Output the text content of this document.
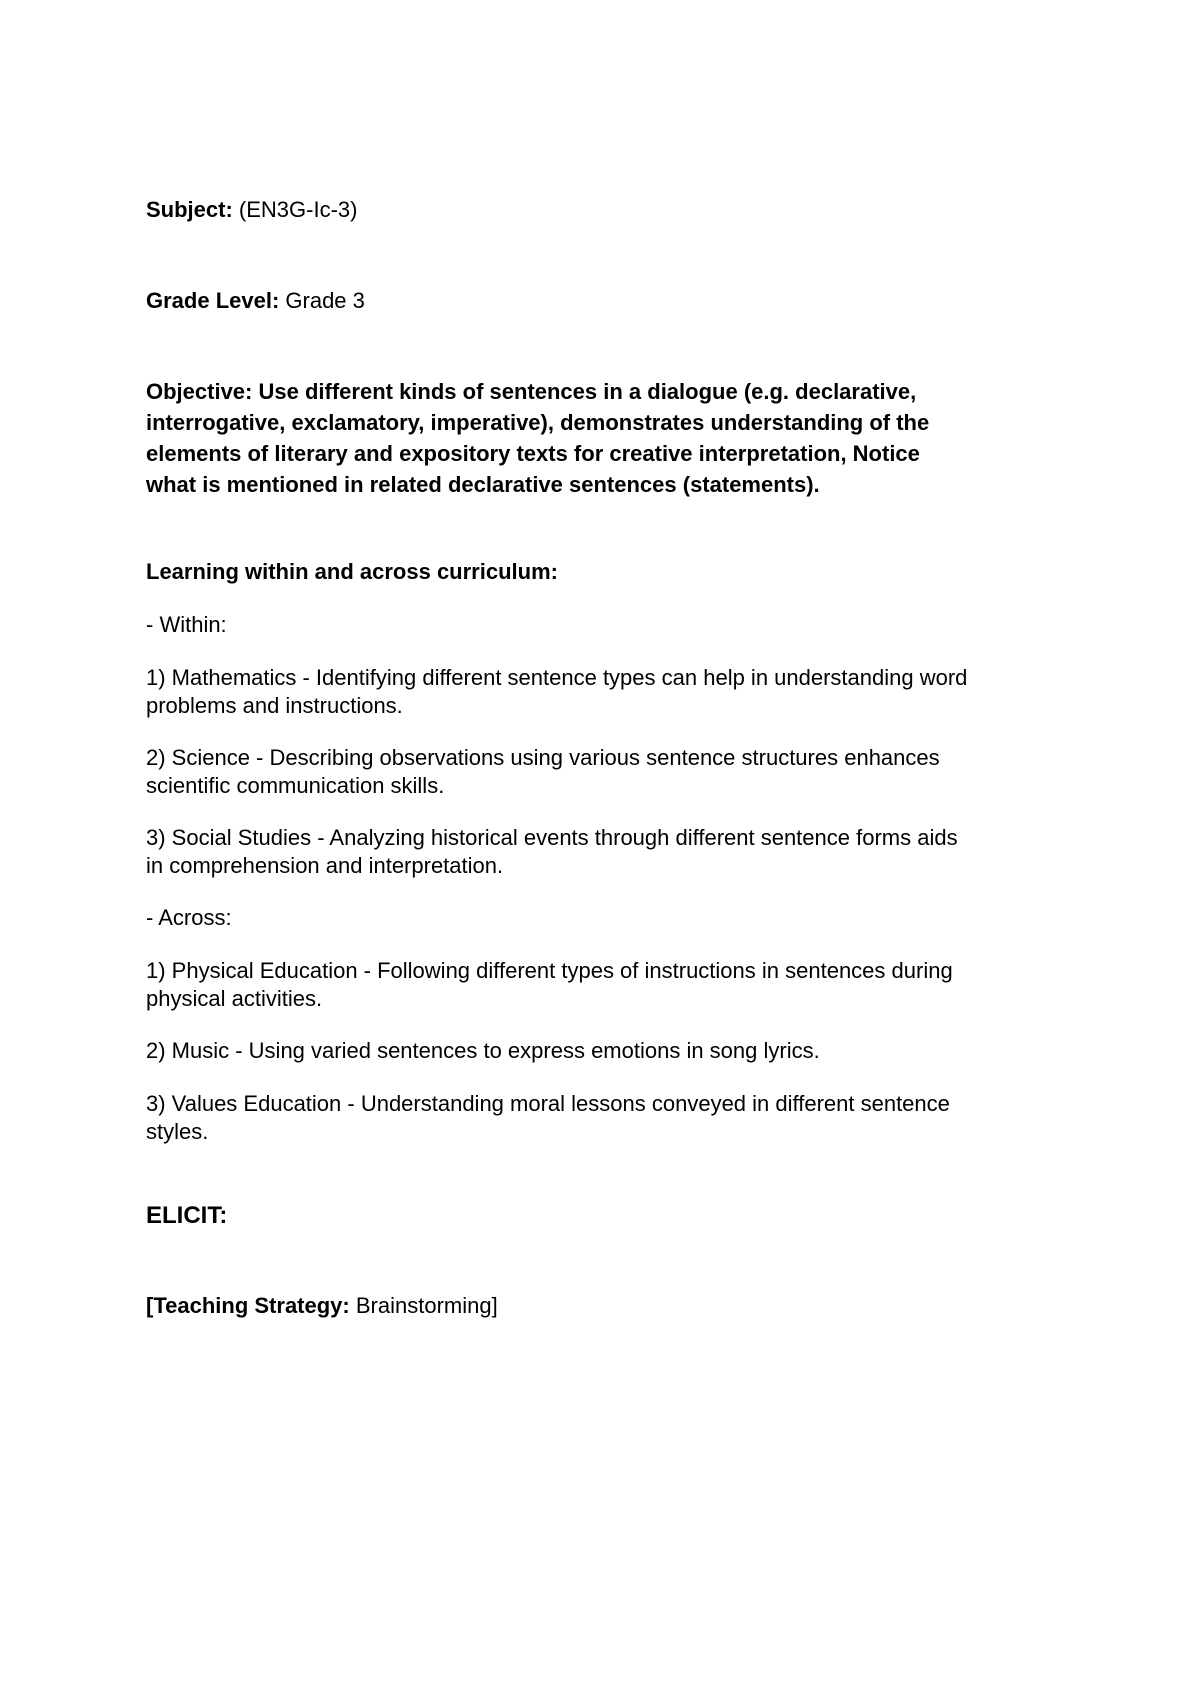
Subject: (EN3G-Ic-3)

Grade Level: Grade 3

Objective: Use different kinds of sentences in a dialogue (e.g. declarative,

interrogative, exclamatory, imperative), demonstrates understanding of the

elements of literary and expository texts for creative interpretation, Notice

what is mentioned in related declarative sentences (statements).

Learning within and across curriculum:

- Within:

1) Mathematics - Identifying different sentence types can help in understanding word

problems and instructions.

2) Science - Describing observations using various sentence structures enhances

scientific communication skills.

3) Social Studies - Analyzing historical events through different sentence forms aids

in comprehension and interpretation.

- Across:

1) Physical Education - Following different types of instructions in sentences during

physical activities.

2) Music - Using varied sentences to express emotions in song lyrics.

3) Values Education - Understanding moral lessons conveyed in different sentence

styles.

ELICIT:

[Teaching Strategy: Brainstorming]
